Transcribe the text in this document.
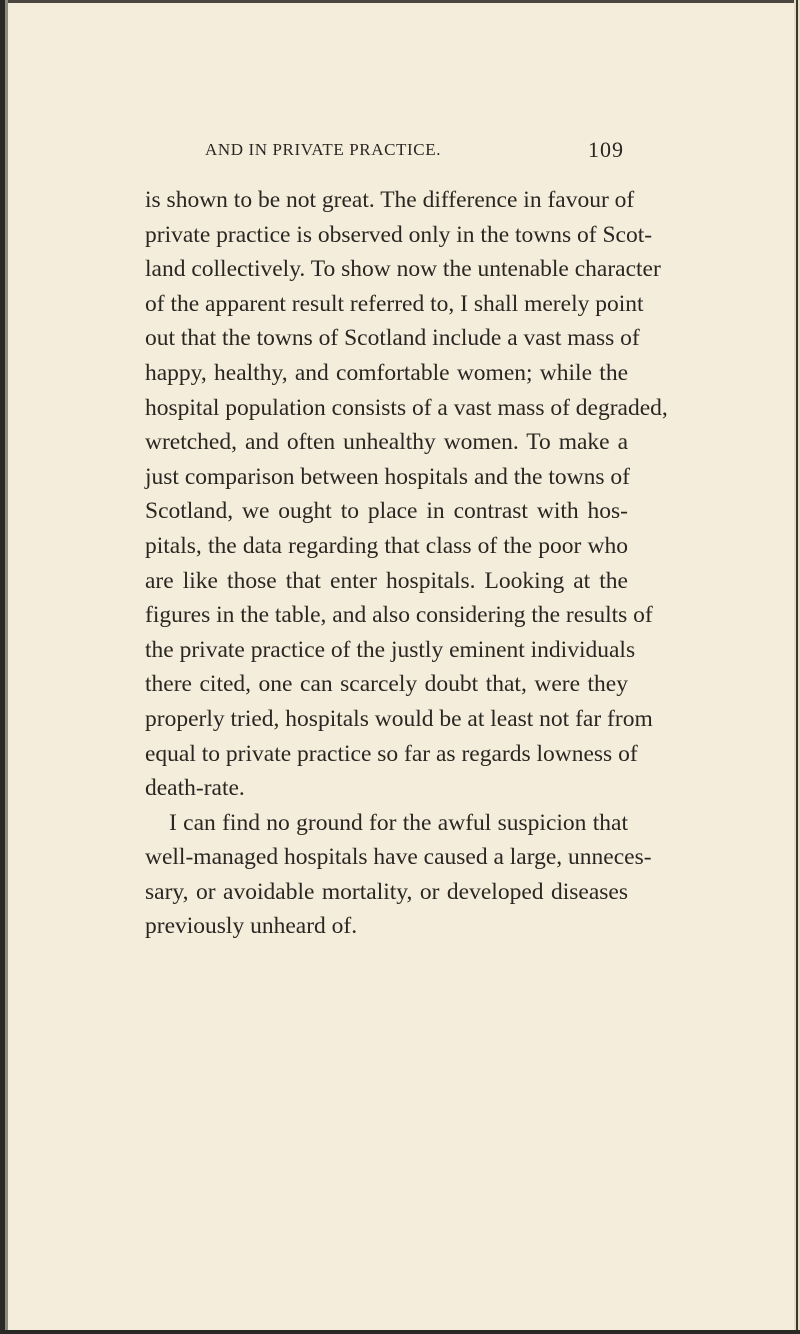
AND IN PRIVATE PRACTICE.	109
is shown to be not great. The difference in favour of
private practice is observed only in the towns of Scot-
land collectively. To show now the untenable character
of the apparent result referred to, I shall merely point
out that the towns of Scotland include a vast mass of
happy, healthy, and comfortable women; while the
hospital population consists of a vast mass of degraded,
wretched, and often unhealthy women. To make a
just comparison between hospitals and the towns of
Scotland, we ought to place in contrast with hos-
pitals, the data regarding that class of the poor who
are like those that enter hospitals. Looking at the
figures in the table, and also considering the results of
the private practice of the justly eminent individuals
there cited, one can scarcely doubt that, were they
properly tried, hospitals would be at least not far from
equal to private practice so far as regards lowness of
death-rate.
I can find no ground for the awful suspicion that
well-managed hospitals have caused a large, unneces-
sary, or avoidable mortality, or developed diseases
previously unheard of.
